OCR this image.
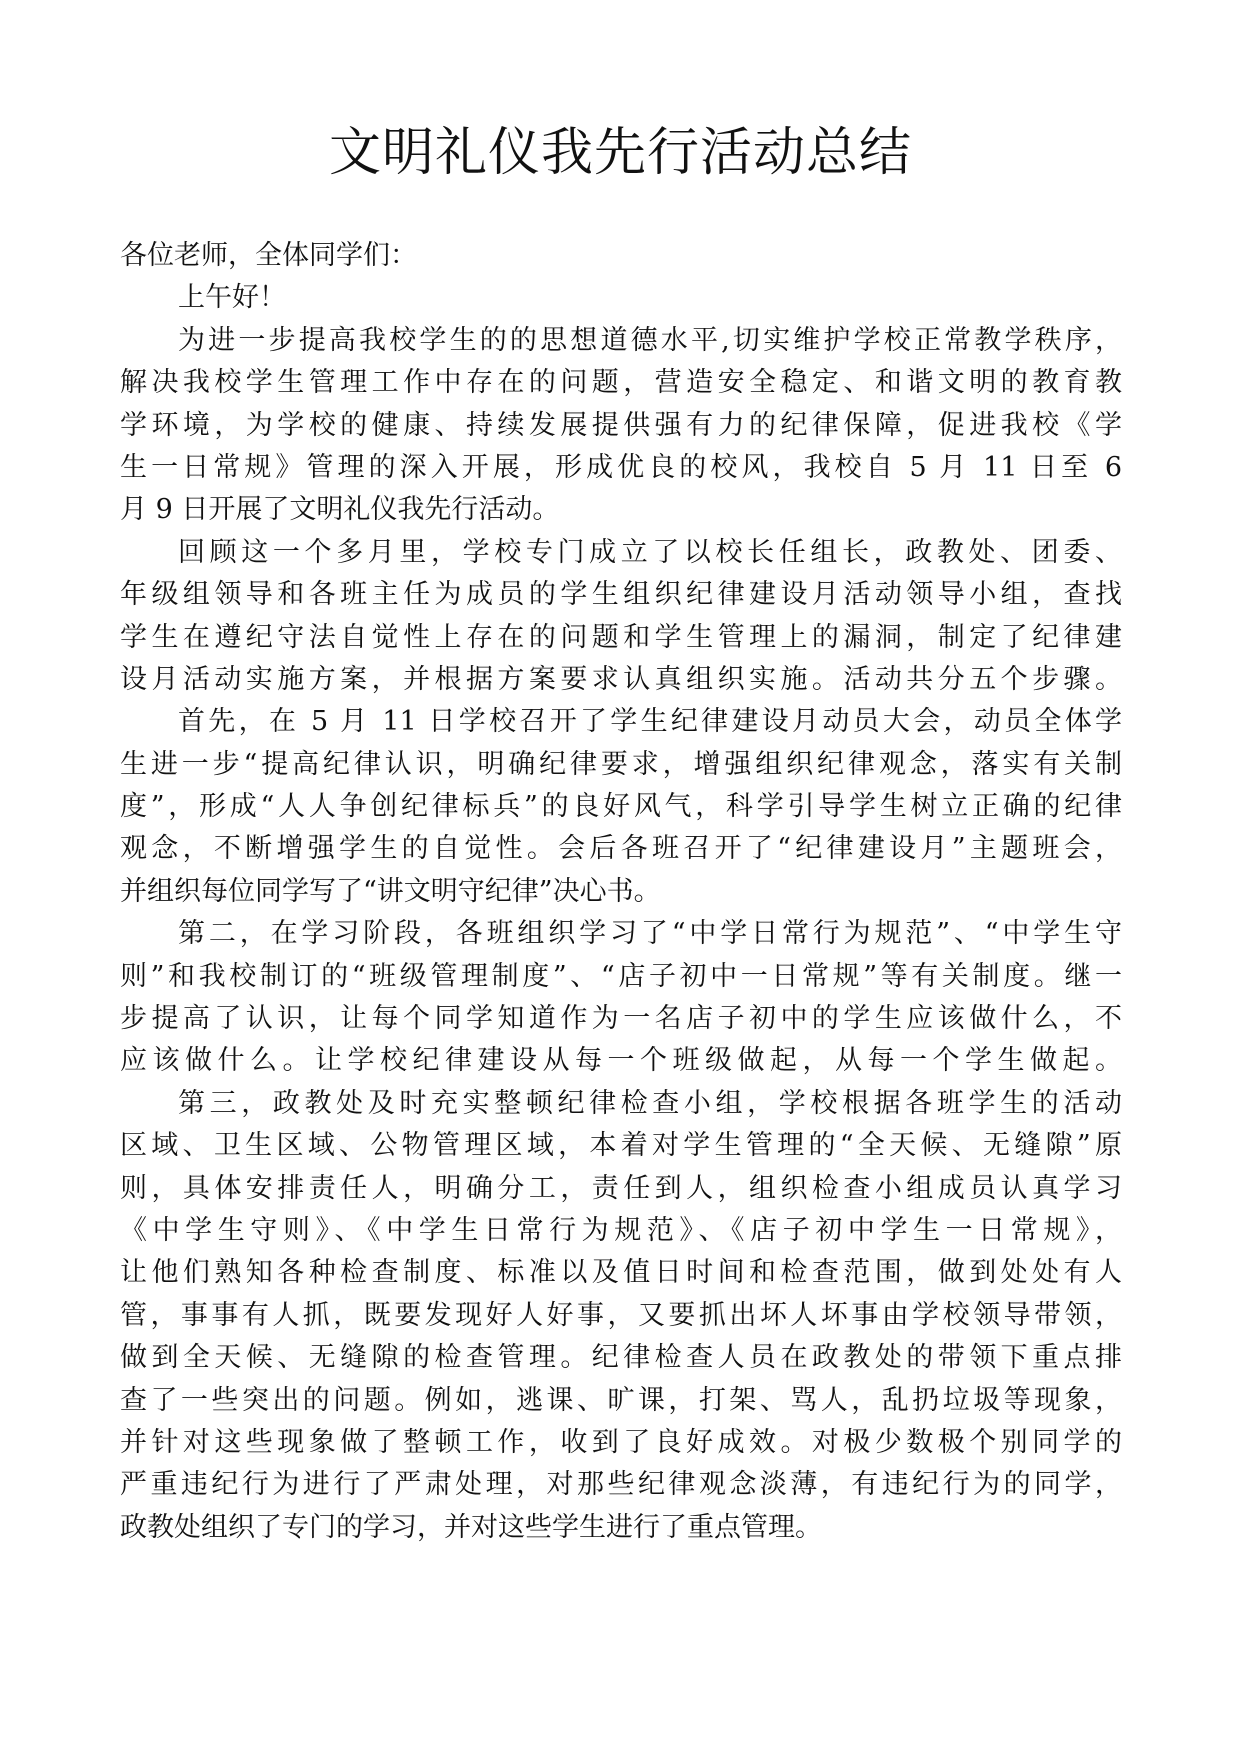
文明礼仪我先行活动总结
各位老师，全体同学们：
上午好！
为进一步提高我校学生的的思想道德水平,切实维护学校正常教学秩序，
解决我校学生管理工作中存在的问题，营造安全稳定、和谐文明的教育教
学环境，为学校的健康、持续发展提供强有力的纪律保障，促进我校《学
生一日常规》管理的深入开展，形成优良的校风，我校自 5 月 11 日至 6
月 9 日开展了文明礼仪我先行活动。
回顾这一个多月里，学校专门成立了以校长任组长，政教处、团委、
年级组领导和各班主任为成员的学生组织纪律建设月活动领导小组，查找
学生在遵纪守法自觉性上存在的问题和学生管理上的漏洞，制定了纪律建
设月活动实施方案，并根据方案要求认真组织实施。活动共分五个步骤。
首先，在 5 月 11 日学校召开了学生纪律建设月动员大会，动员全体学
生进一步“提高纪律认识，明确纪律要求，增强组织纪律观念，落实有关制
度”，形成“人人争创纪律标兵”的良好风气，科学引导学生树立正确的纪律
观念，不断增强学生的自觉性。会后各班召开了“纪律建设月”主题班会，
并组织每位同学写了“讲文明守纪律”决心书。
第二，在学习阶段，各班组织学习了“中学日常行为规范”、“中学生守
则”和我校制订的“班级管理制度”、“店子初中一日常规”等有关制度。继一
步提高了认识，让每个同学知道作为一名店子初中的学生应该做什么，不
应该做什么。让学校纪律建设从每一个班级做起，从每一个学生做起。
第三，政教处及时充实整顿纪律检查小组，学校根据各班学生的活动
区域、卫生区域、公物管理区域，本着对学生管理的“全天候、无缝隙”原
则，具体安排责任人，明确分工，责任到人，组织检查小组成员认真学习
《中学生守则》、《中学生日常行为规范》、《店子初中学生一日常规》，
让他们熟知各种检查制度、标准以及值日时间和检查范围，做到处处有人
管，事事有人抓，既要发现好人好事，又要抓出坏人坏事由学校领导带领，
做到全天候、无缝隙的检查管理。纪律检查人员在政教处的带领下重点排
查了一些突出的问题。例如，逃课、旷课，打架、骂人，乱扔垃圾等现象，
并针对这些现象做了整顿工作，收到了良好成效。对极少数极个别同学的
严重违纪行为进行了严肃处理，对那些纪律观念淡薄，有违纪行为的同学，
政教处组织了专门的学习，并对这些学生进行了重点管理。
